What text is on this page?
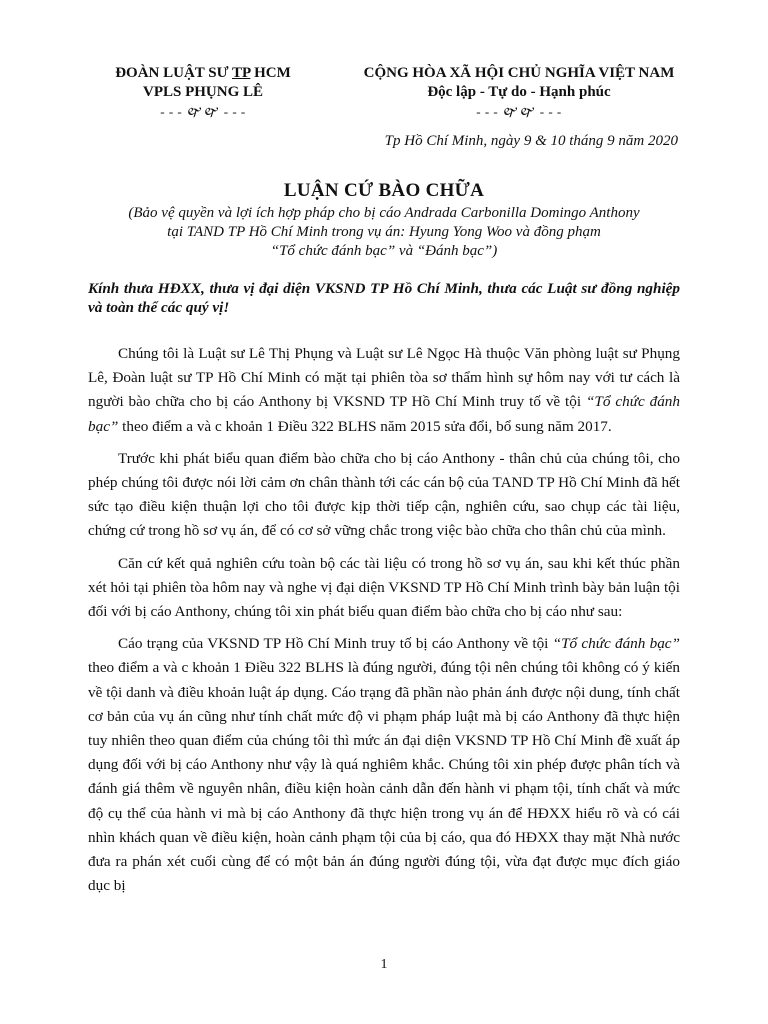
ĐOÀN LUẬT SƯ TP HCM
VPLS PHỤNG LÊ
- - - 🙰🙰 - - -
CỘNG HÒA XÃ HỘI CHỦ NGHĨA VIỆT NAM
Độc lập - Tự do - Hạnh phúc
- - - 🙰🙰 - - -
Tp Hồ Chí Minh, ngày 9 & 10 tháng 9 năm 2020
LUẬN CỨ BÀO CHỮA
(Bảo vệ quyền và lợi ích hợp pháp cho bị cáo Andrada Carbonilla Domingo Anthony
tại TAND TP Hồ Chí Minh trong vụ án: Hyung Yong Woo và đồng phạm
“Tổ chức đánh bạc” và “Đánh bạc”)
Kính thưa HĐXX, thưa vị đại diện VKSND TP Hồ Chí Minh, thưa các Luật sư đồng nghiệp và toàn thể các quý vị!

Chúng tôi là Luật sư Lê Thị Phụng và Luật sư Lê Ngọc Hà thuộc Văn phòng luật sư Phụng Lê, Đoàn luật sư TP Hồ Chí Minh có mặt tại phiên tòa sơ thẩm hình sự hôm nay với tư cách là người bào chữa cho bị cáo Anthony bị VKSND TP Hồ Chí Minh truy tố về tội “Tổ chức đánh bạc” theo điểm a và c khoản 1 Điều 322 BLHS năm 2015 sửa đổi, bổ sung năm 2017.

Trước khi phát biểu quan điểm bào chữa cho bị cáo Anthony - thân chủ của chúng tôi, cho phép chúng tôi được nói lời cảm ơn chân thành tới các cán bộ của TAND TP Hồ Chí Minh đã hết sức tạo điều kiện thuận lợi cho tôi được kịp thời tiếp cận, nghiên cứu, sao chụp các tài liệu, chứng cứ trong hồ sơ vụ án, để có cơ sở vững chắc trong việc bào chữa cho thân chủ của mình.

Căn cứ kết quả nghiên cứu toàn bộ các tài liệu có trong hồ sơ vụ án, sau khi kết thúc phần xét hỏi tại phiên tòa hôm nay và nghe vị đại diện VKSND TP Hồ Chí Minh trình bày bản luận tội đối với bị cáo Anthony, chúng tôi xin phát biểu quan điểm bào chữa cho bị cáo như sau:

Cáo trạng của VKSND TP Hồ Chí Minh truy tố bị cáo Anthony về tội “Tổ chức đánh bạc” theo điểm a và c khoản 1 Điều 322 BLHS là đúng người, đúng tội nên chúng tôi không có ý kiến về tội danh và điều khoản luật áp dụng. Cáo trạng đã phần nào phản ánh được nội dung, tính chất cơ bản của vụ án cũng như tính chất mức độ vi phạm pháp luật mà bị cáo Anthony đã thực hiện tuy nhiên theo quan điểm của chúng tôi thì mức án đại diện VKSND TP Hồ Chí Minh đề xuất áp dụng đối với bị cáo Anthony như vậy là quá nghiêm khắc. Chúng tôi xin phép được phân tích và đánh giá thêm về nguyên nhân, điều kiện hoàn cảnh dẫn đến hành vi phạm tội, tính chất và mức độ cụ thể của hành vi mà bị cáo Anthony đã thực hiện trong vụ án để HĐXX hiểu rõ và có cái nhìn khách quan về điều kiện, hoàn cảnh phạm tội của bị cáo, qua đó HĐXX thay mặt Nhà nước đưa ra phán xét cuối cùng để có một bản án đúng người đúng tội, vừa đạt được mục đích giáo dục bị

1
